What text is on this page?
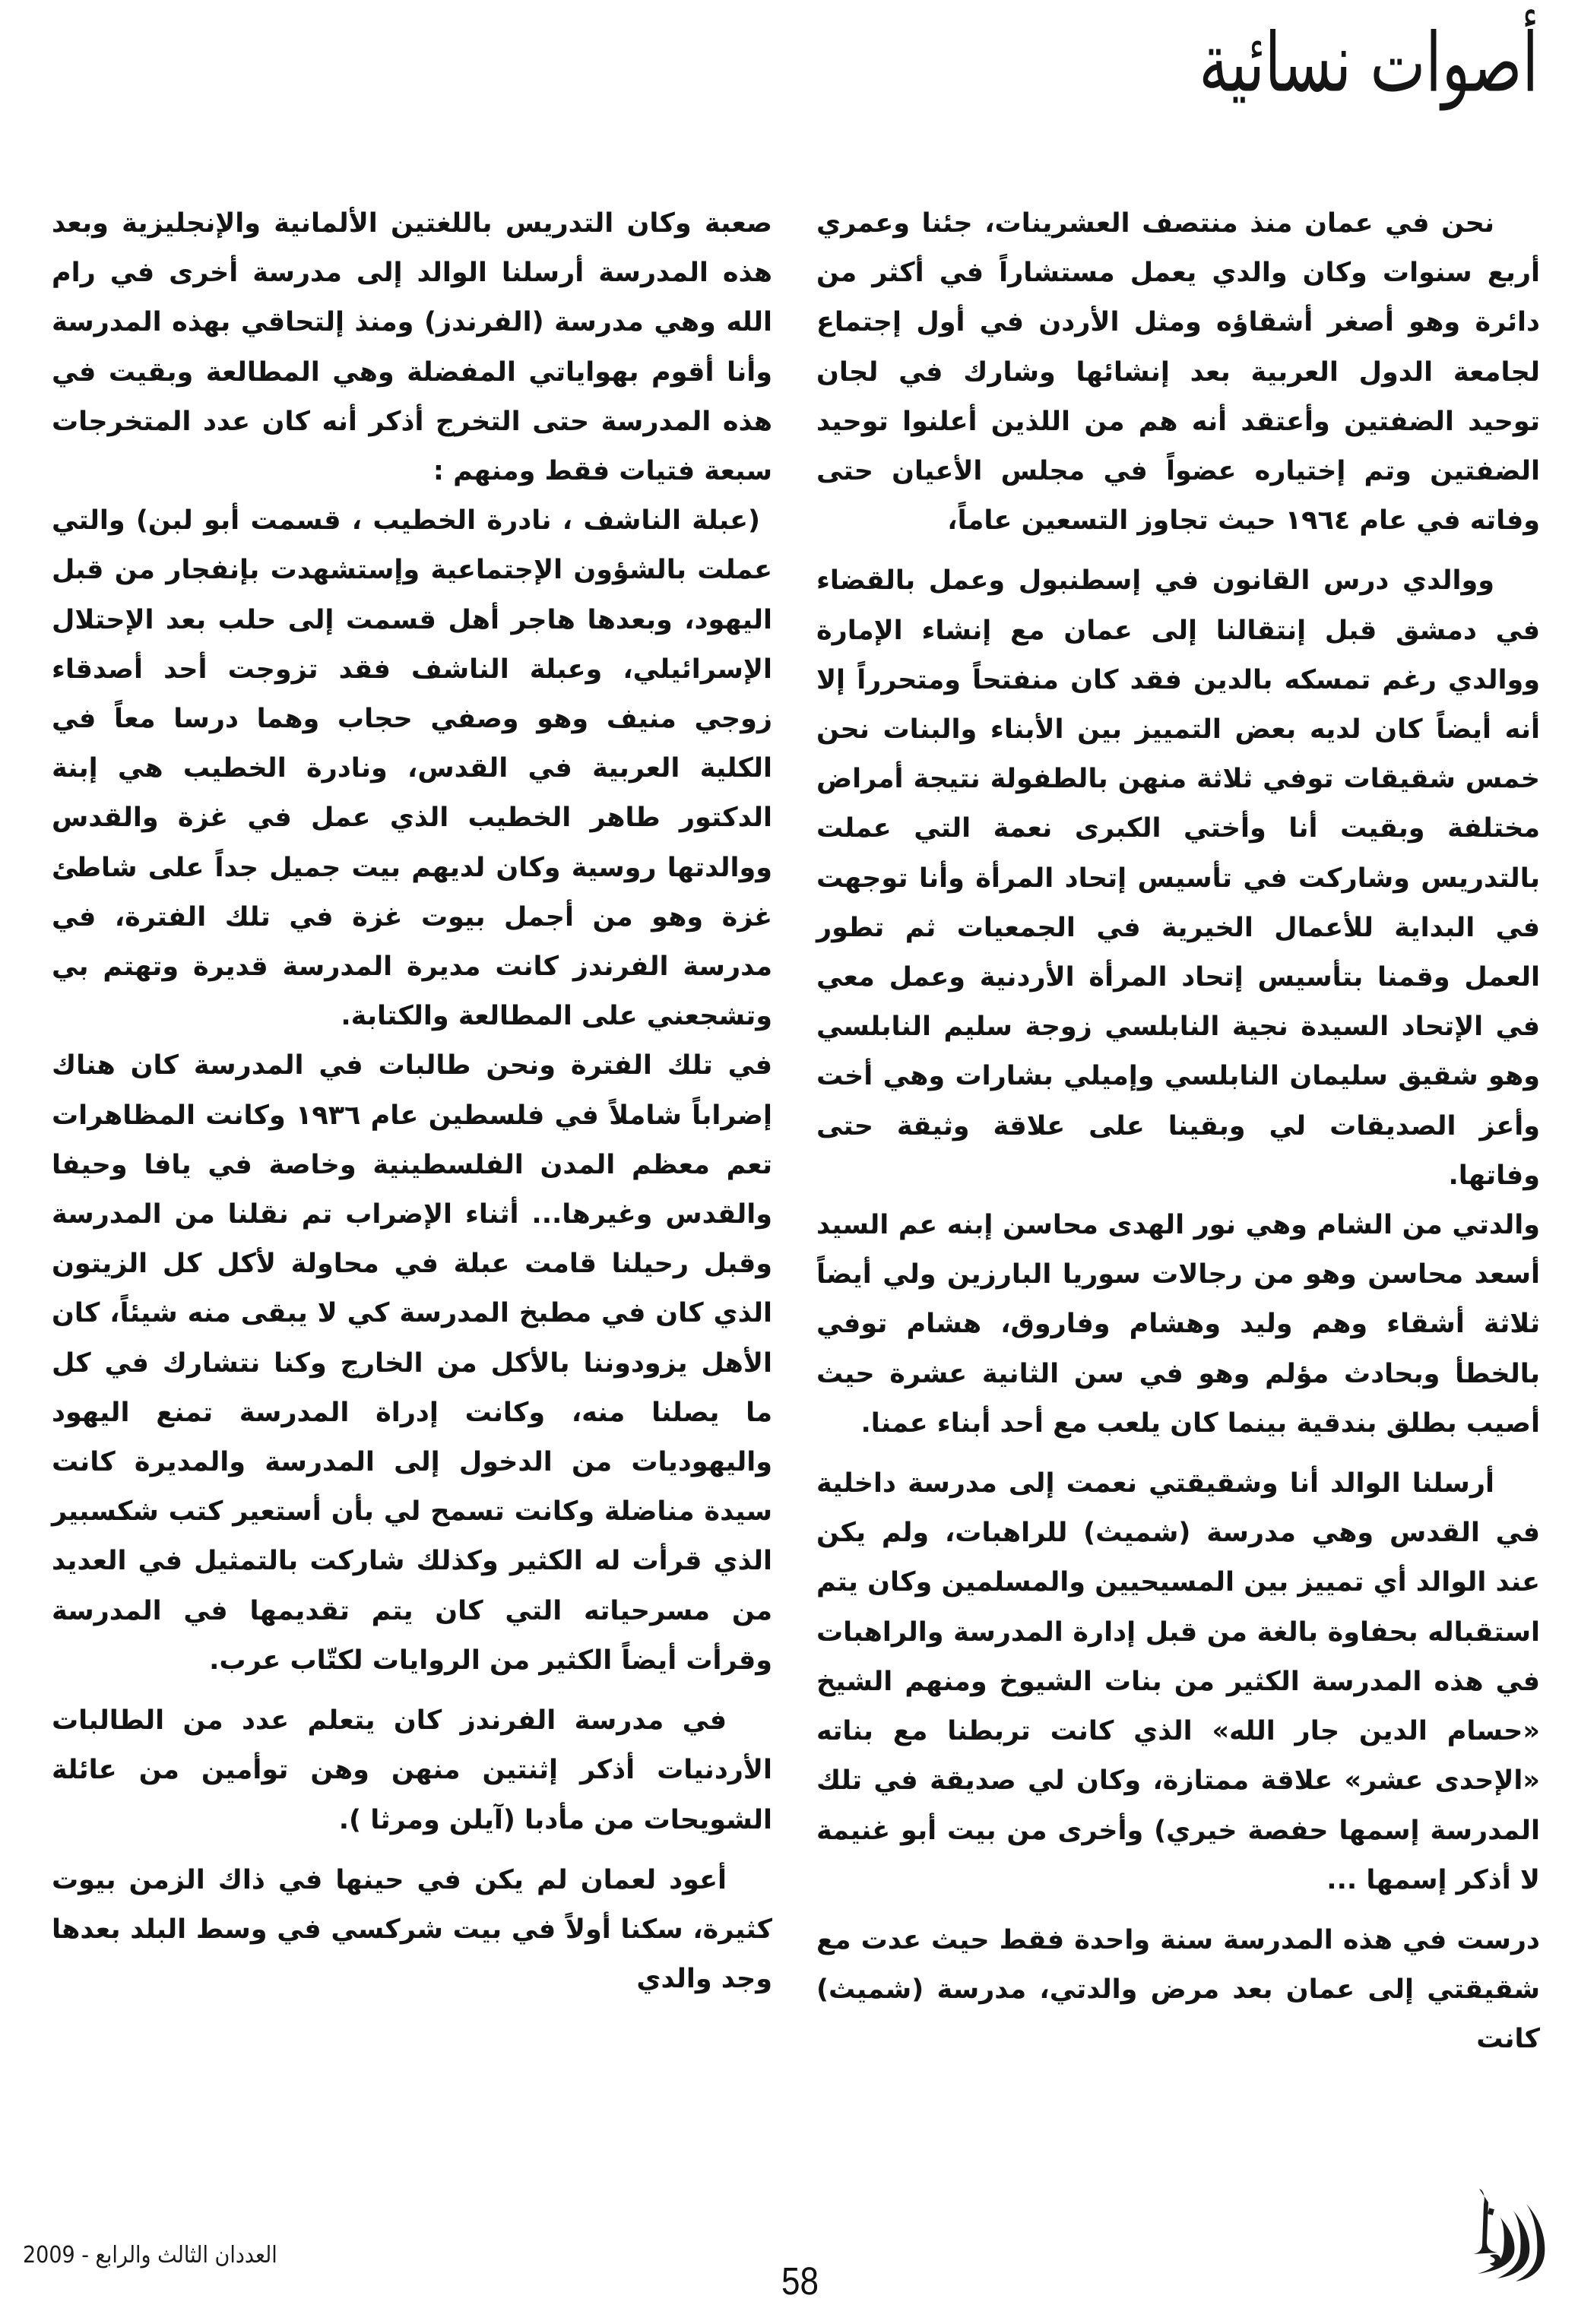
أصوات نسائية

نحن في عمان منذ منتصف العشرينات، جئنا وعمري أربع سنوات وكان والدي يعمل مستشاراً في أكثر من دائرة وهو أصغر أشقاؤه ومثل الأردن في أول إجتماع لجامعة الدول العربية بعد إنشائها وشارك في لجان توحيد الضفتين وأعتقد أنه هم من اللذين أعلنوا توحيد الضفتين وتم إختياره عضواً في مجلس الأعيان حتى وفاته في عام ١٩٦٤ حيث تجاوز التسعين عاماً،

ووالدي درس القانون في إسطنبول وعمل بالقضاء في دمشق قبل إنتقالنا إلى عمان مع إنشاء الإمارة ووالدي رغم تمسكه بالدين فقد كان منفتحاً ومتحرراً إلا أنه أيضاً كان لديه بعض التمييز بين الأبناء والبنات نحن خمس شقيقات توفي ثلاثة منهن بالطفولة نتيجة أمراض مختلفة وبقيت أنا وأختي الكبرى نعمة التي عملت بالتدريس وشاركت في تأسيس إتحاد المرأة وأنا توجهت في البداية للأعمال الخيرية في الجمعيات ثم تطور العمل وقمنا بتأسيس إتحاد المرأة الأردنية وعمل معي في الإتحاد السيدة نجية النابلسي زوجة سليم النابلسي وهو شقيق سليمان النابلسي وإميلي بشارات وهي أخت وأعز الصديقات لي وبقينا على علاقة وثيقة حتى وفاتها.

والدتي من الشام وهي نور الهدى محاسن إبنه عم السيد أسعد محاسن وهو من رجالات سوريا البارزين ولي أيضاً ثلاثة أشقاء وهم وليد وهشام وفاروق، هشام توفي بالخطأ وبحادث مؤلم وهو في سن الثانية عشرة حيث أصيب بطلق بندقية بينما كان يلعب مع أحد أبناء عمنا.

أرسلنا الوالد أنا وشقيقتي نعمت إلى مدرسة داخلية في القدس وهي مدرسة (شميث) للراهبات، ولم يكن عند الوالد أي تمييز بين المسيحيين والمسلمين وكان يتم استقباله بحفاوة بالغة من قبل إدارة المدرسة والراهبات في هذه المدرسة الكثير من بنات الشيوخ ومنهم الشيخ «حسام الدين جار الله» الذي كانت تربطنا مع بناته «الإحدى عشر» علاقة ممتازة، وكان لي صديقة في تلك المدرسة إسمها حفصة خيري) وأخرى من بيت أبو غنيمة لا أذكر إسمها ...

درست في هذه المدرسة سنة واحدة فقط حيث عدت مع شقيقتي إلى عمان بعد مرض والدتي، مدرسة (شميث) كانت

صعبة وكان التدريس باللغتين الألمانية والإنجليزية وبعد هذه المدرسة أرسلنا الوالد إلى مدرسة أخرى في رام الله وهي مدرسة (الفرندز) ومنذ إلتحاقي بهذه المدرسة وأنا أقوم بهواياتي المفضلة وهي المطالعة وبقيت في هذه المدرسة حتى التخرج أذكر أنه كان عدد المتخرجات سبعة فتيات فقط ومنهم :

(عبلة الناشف ، نادرة الخطيب ، قسمت أبو لبن) والتي عملت بالشؤون الإجتماعية وإستشهدت بإنفجار من قبل اليهود، وبعدها هاجر أهل قسمت إلى حلب بعد الإحتلال الإسرائيلي، وعبلة الناشف فقد تزوجت أحد أصدقاء زوجي منيف وهو وصفي حجاب وهما درسا معاً في الكلية العربية في القدس، ونادرة الخطيب هي إبنة الدكتور طاهر الخطيب الذي عمل في غزة والقدس ووالدتها روسية وكان لديهم بيت جميل جداً على شاطئ غزة وهو من أجمل بيوت غزة في تلك الفترة، في مدرسة الفرندز كانت مديرة المدرسة قديرة وتهتم بي وتشجعني على المطالعة والكتابة.

في تلك الفترة ونحن طالبات في المدرسة كان هناك إضراباً شاملاً في فلسطين عام ١٩٣٦ وكانت المظاهرات تعم معظم المدن الفلسطينية وخاصة في يافا وحيفا والقدس وغيرها... أثناء الإضراب تم نقلنا من المدرسة وقبل رحيلنا قامت عبلة في محاولة لأكل كل الزيتون الذي كان في مطبخ المدرسة كي لا يبقى منه شيئاً، كان الأهل يزودوننا بالأكل من الخارج وكنا نتشارك في كل ما يصلنا منه، وكانت إدراة المدرسة تمنع اليهود واليهوديات من الدخول إلى المدرسة والمديرة كانت سيدة مناضلة وكانت تسمح لي بأن أستعير كتب شكسبير الذي قرأت له الكثير وكذلك شاركت بالتمثيل في العديد من مسرحياته التي كان يتم تقديمها في المدرسة وقرأت أيضاً الكثير من الروايات لكتّاب عرب.

في مدرسة الفرندز كان يتعلم عدد من الطالبات الأردنيات أذكر إثنتين منهن وهن توأمين من عائلة الشويحات من مأدبا (آيلن ومرثا ).

أعود لعمان لم يكن في حينها في ذاك الزمن بيوت كثيرة، سكنا أولاً في بيت شركسي في وسط البلد بعدها وجد والدي

العددان الثالث والرابع - 2009
58
